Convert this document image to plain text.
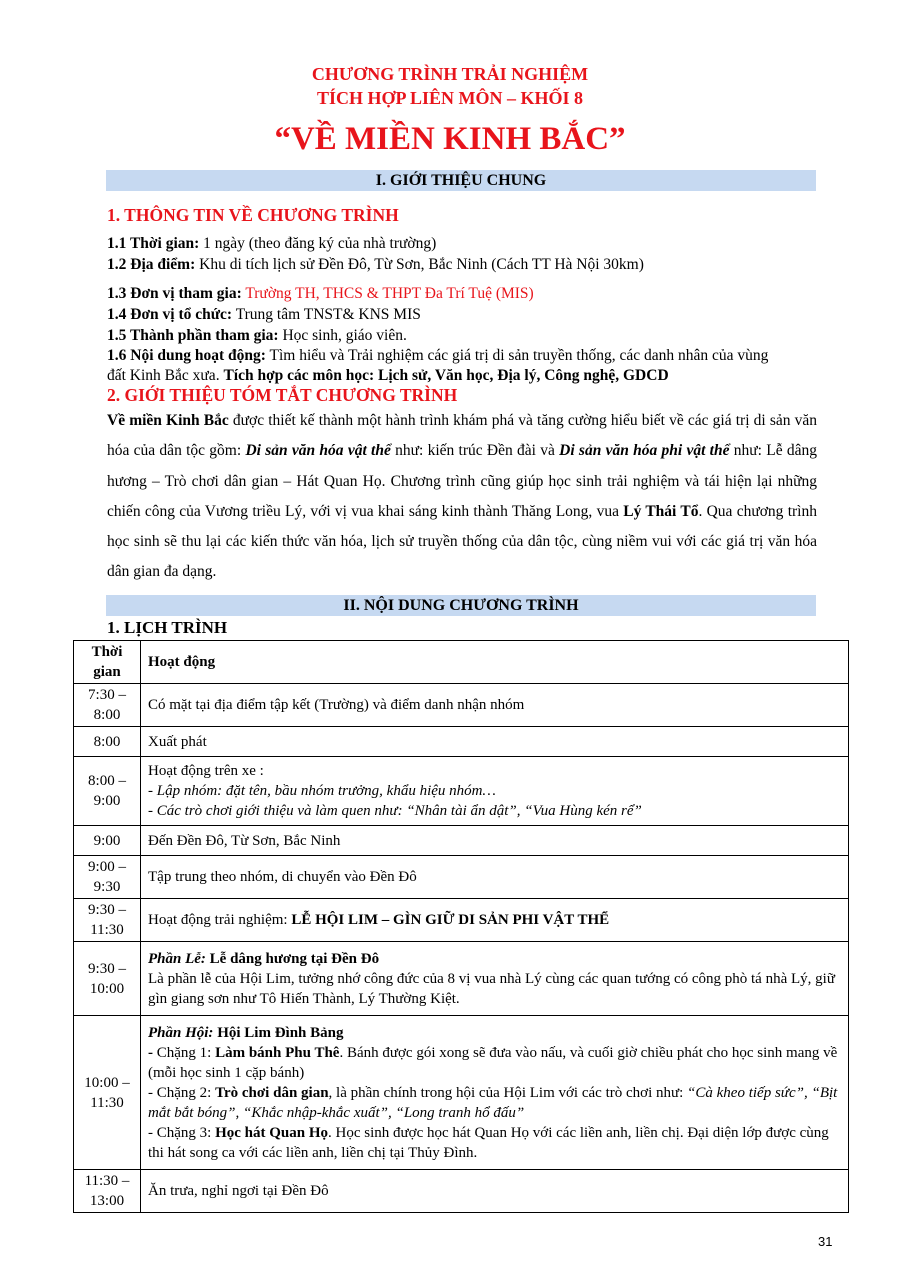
CHƯƠNG TRÌNH TRẢI NGHIỆM
TÍCH HỢP LIÊN MÔN – KHỐI 8
“VỀ MIỀN KINH BẮC”
I. GIỚI THIỆU CHUNG
1. THÔNG TIN VỀ CHƯƠNG TRÌNH
1.1 Thời gian: 1 ngày (theo đăng ký của nhà trường)
1.2 Địa điểm: Khu di tích lịch sử Đền Đô, Từ Sơn, Bắc Ninh (Cách TT Hà Nội 30km)
1.3 Đơn vị tham gia: Trường TH, THCS & THPT Đa Trí Tuệ (MIS)
1.4 Đơn vị tổ chức: Trung tâm TNST& KNS MIS
1.5 Thành phần tham gia: Học sinh, giáo viên.
1.6 Nội dung hoạt động: Tìm hiểu và Trải nghiệm các giá trị di sản truyền thống, các danh nhân của vùng
đất Kinh Bắc xưa. Tích hợp các môn học: Lịch sử, Văn học, Địa lý, Công nghệ, GDCD
2. GIỚI THIỆU TÓM TẮT CHƯƠNG TRÌNH
Về miền Kinh Bắc được thiết kế thành một hành trình khám phá và tăng cường hiểu biết về các giá trị di sản văn hóa của dân tộc gồm: Di sản văn hóa vật thể như: kiến trúc Đền đài và Di sản văn hóa phi vật thể như: Lễ dâng hương – Trò chơi dân gian – Hát Quan Họ. Chương trình cũng giúp học sinh trải nghiệm và tái hiện lại những chiến công của Vương triều Lý, với vị vua khai sáng kinh thành Thăng Long, vua Lý Thái Tổ. Qua chương trình học sinh sẽ thu lại các kiến thức văn hóa, lịch sử truyền thống của dân tộc, cùng niềm vui với các giá trị văn hóa dân gian đa dạng.
II. NỘI DUNG CHƯƠNG TRÌNH
1. LỊCH TRÌNH
Thời gian	Hoạt động
7:30 – 8:00	Có mặt tại địa điểm tập kết (Trường) và điểm danh nhận nhóm
8:00	Xuất phát
8:00 – 9:00	Hoạt động trên xe :
- Lập nhóm: đặt tên, bầu nhóm trưởng, khẩu hiệu nhóm…
- Các trò chơi giới thiệu và làm quen như: “Nhân tài ẩn dật”, “Vua Hùng kén rể”

9:00	Đến Đền Đô, Từ Sơn, Bắc Ninh
9:00 – 9:30	Tập trung theo nhóm, di chuyển vào Đền Đô
9:30 – 11:30	Hoạt động trải nghiệm: LỄ HỘI LIM – GÌN GIỮ DI SẢN PHI VẬT THỂ
9:30 – 10:00	Phần Lễ: Lễ dâng hương tại Đền Đô
Là phần lễ của Hội Lim, tưởng nhớ công đức của 8 vị vua nhà Lý cùng các quan tướng có công phò tá nhà Lý, giữ gìn giang sơn như Tô Hiến Thành, Lý Thường Kiệt.

10:00 – 11:30	Phần Hội: Hội Lim Đình Bảng
- Chặng 1: Làm bánh Phu Thê. Bánh được gói xong sẽ đưa vào nấu, và cuối giờ chiều phát cho học sinh mang về (mỗi học sinh 1 cặp bánh)
- Chặng 2: Trò chơi dân gian, là phần chính trong hội của Hội Lim với các trò chơi như: “Cà kheo tiếp sức”, “Bịt mắt bắt bóng”, “Khắc nhập-khắc xuất”, “Long tranh hổ đấu”
- Chặng 3: Học hát Quan Họ. Học sinh được học hát Quan Họ với các liền anh, liền chị. Đại diện lớp được cùng thi hát song ca với các liền anh, liền chị tại Thủy Đình.

11:30 – 13:00	Ăn trưa, nghỉ ngơi tại Đền Đô
31
